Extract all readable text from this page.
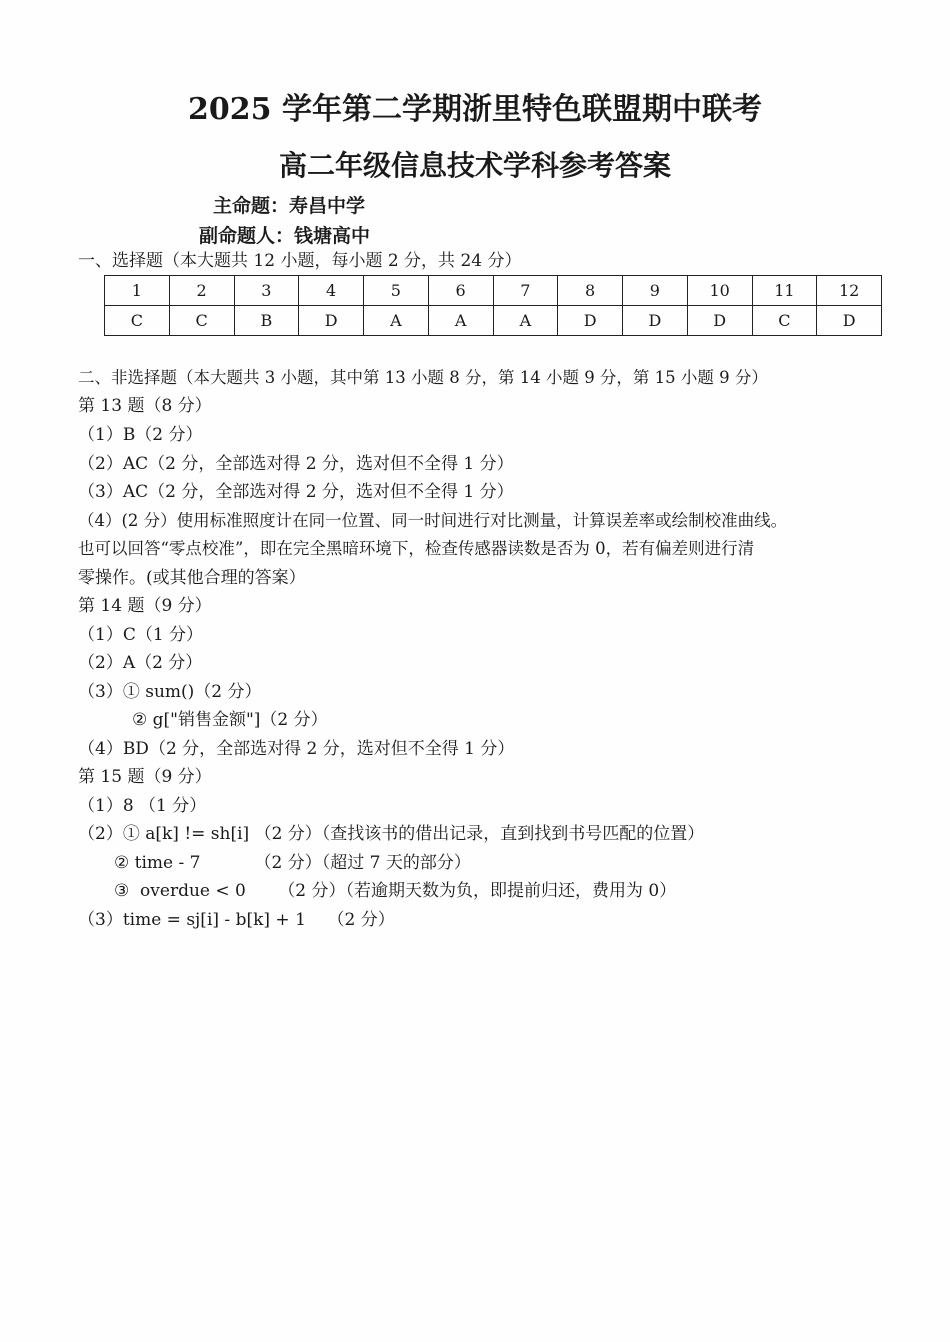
2025 学年第二学期浙里特色联盟期中联考
高二年级信息技术学科参考答案
主命题：寿昌中学
副命题人：钱塘高中
一、选择题（本大题共 12 小题，每小题 2 分，共 24 分）
1	2	3	4	5	6	7	8	9	10	11	12
C	C	B	D	A	A	A	D	D	D	C	D
二、非选择题（本大题共 3 小题，其中第 13 小题 8 分，第 14 小题 9 分，第 15 小题 9 分）
第 13 题（8 分）
（1）B（2 分）
（2）AC（2 分，全部选对得 2 分，选对但不全得 1 分）
（3）AC（2 分，全部选对得 2 分，选对但不全得 1 分）
（4）(2 分）使用标准照度计在同一位置、同一时间进行对比测量，计算误差率或绘制校准曲线。
也可以回答“零点校准”，即在完全黑暗环境下，检查传感器读数是否为 0，若有偏差则进行清
零操作。(或其他合理的答案）
第 14 题（9 分）
（1）C（1 分）
（2）A（2 分）
（3）① sum()（2 分）
② g["销售金额"]（2 分）
（4）BD（2 分，全部选对得 2 分，选对但不全得 1 分）
第 15 题（9 分）
（1）8 （1 分）
（2）① a[k] != sh[i] （2 分）（查找该书的借出记录，直到找到书号匹配的位置）
② time - 7          （2 分）（超过 7 天的部分）
③  overdue < 0      （2 分）（若逾期天数为负，即提前归还，费用为 0）
（3）time = sj[i] - b[k] + 1    （2 分）
